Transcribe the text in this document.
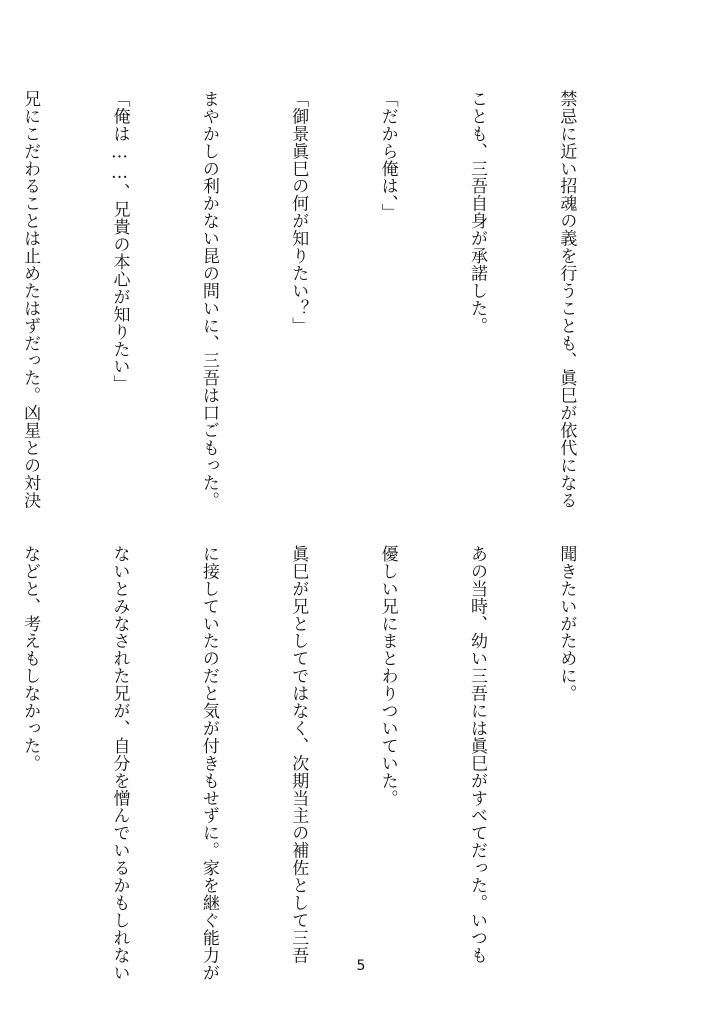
禁忌に近い招魂の義を行うことも、眞巳が依代になる

ことも、三吾自身が承諾した。

「だから俺は、」

「御景眞巳の何が知りたい？」

まやかしの利かない昆の問いに、三吾は口ごもった。

「俺は……、兄貴の本心が知りたい」

兄にこだわることは止めたはずだった。凶星との対決

聞きたいがために。

あの当時、幼い三吾には眞巳がすべてだった。いつも

優しい兄にまとわりついていた。

眞巳が兄としてではなく、次期当主の補佐として三吾

に接していたのだと気が付きもせずに。家を継ぐ能力が

ないとみなされた兄が、自分を憎んでいるかもしれない

などと、考えもしなかった。

5
